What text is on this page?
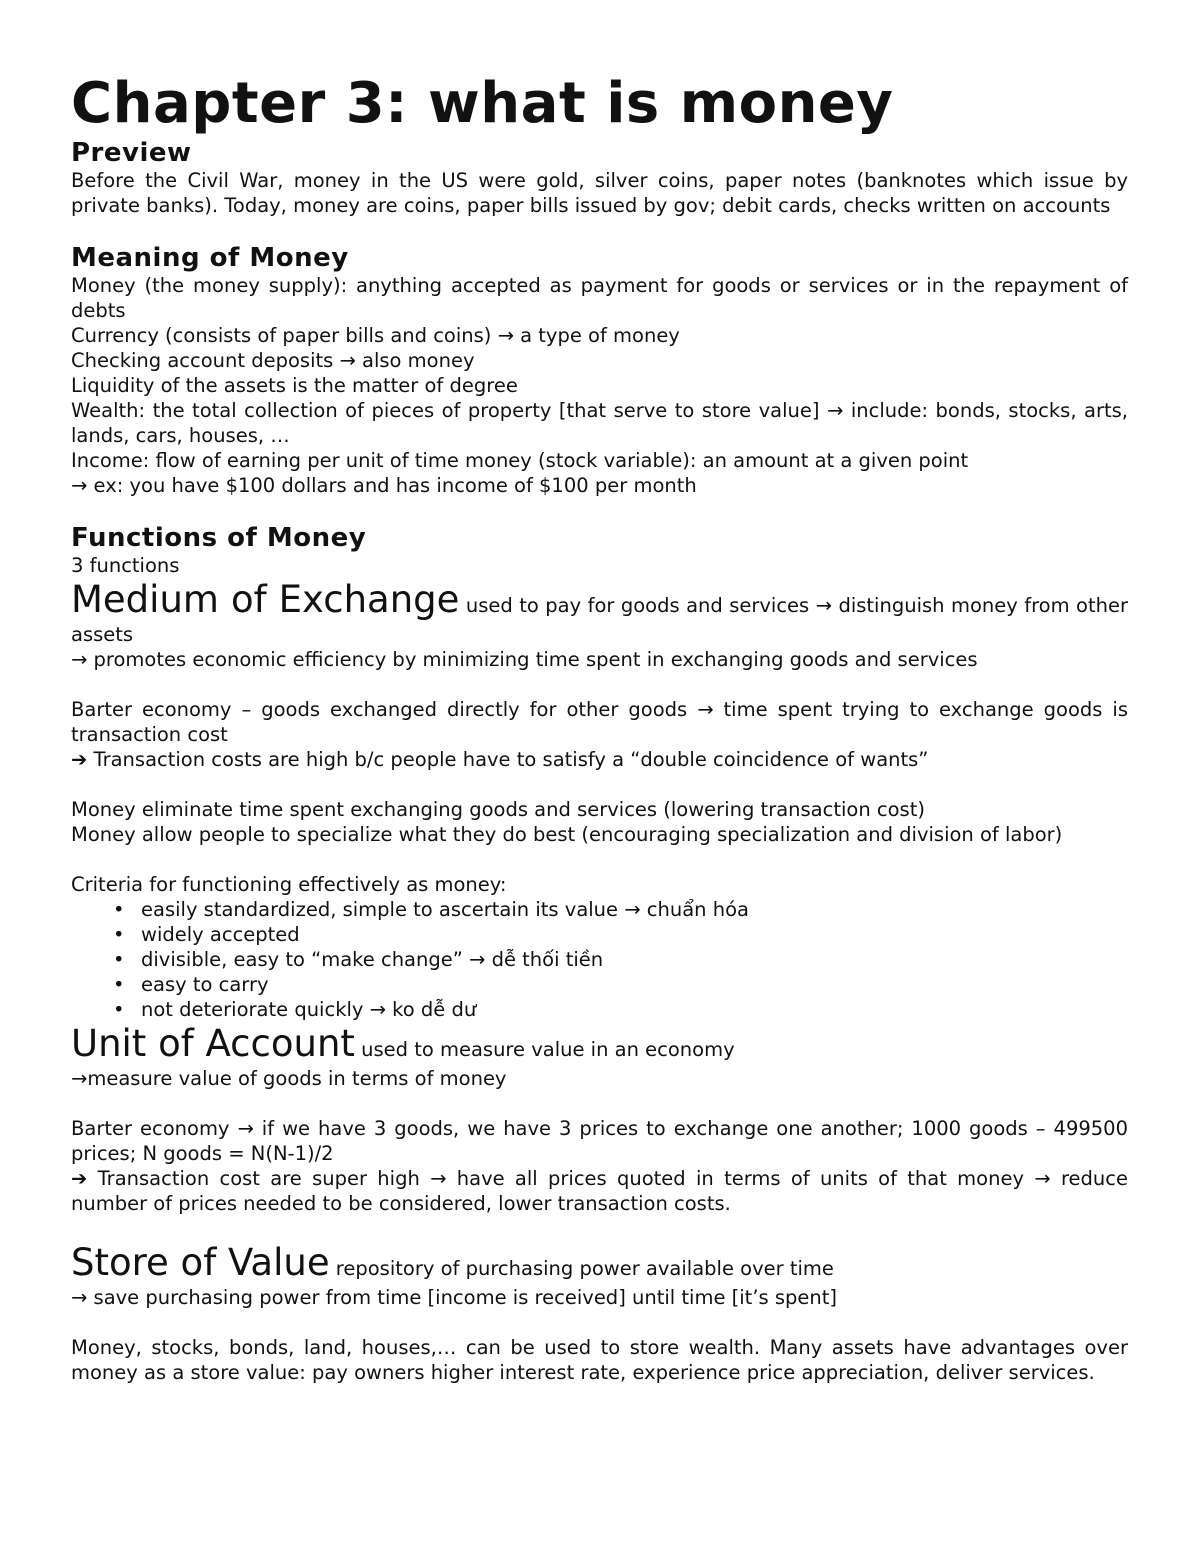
Chapter 3: what is money
Preview

Before the Civil War, money in the US were gold, silver coins, paper notes (banknotes which issue by private banks). Today, money are coins, paper bills issued by gov; debit cards, checks written on accounts

Meaning of Money

Money (the money supply): anything accepted as payment for goods or services or in the repayment of debts

Currency (consists of paper bills and coins) → a type of money

Checking account deposits → also money

Liquidity of the assets is the matter of degree

Wealth: the total collection of pieces of property [that serve to store value] → include: bonds, stocks, arts, lands, cars, houses, …

Income: flow of earning per unit of time money (stock variable): an amount at a given point

→ ex: you have $100 dollars and has income of $100 per month

Functions of Money

3 functions

Medium of Exchange used to pay for goods and services → distinguish money from other assets

→ promotes economic efficiency by minimizing time spent in exchanging goods and services

Barter economy – goods exchanged directly for other goods → time spent trying to exchange goods is transaction cost

➔ Transaction costs are high b/c people have to satisfy a “double coincidence of wants”

Money eliminate time spent exchanging goods and services (lowering transaction cost)

Money allow people to specialize what they do best (encouraging specialization and division of labor)

Criteria for functioning effectively as money:

• easily standardized, simple to ascertain its value → chuẩn hóa
• widely accepted
• divisible, easy to “make change” → dễ thối tiền
• easy to carry
• not deteriorate quickly → ko dễ dư

Unit of Account used to measure value in an economy

→measure value of goods in terms of money

Barter economy → if we have 3 goods, we have 3 prices to exchange one another; 1000 goods – 499500 prices; N goods = N(N-1)/2

➔ Transaction cost are super high → have all prices quoted in terms of units of that money → reduce number of prices needed to be considered, lower transaction costs.

Store of Value repository of purchasing power available over time

→ save purchasing power from time [income is received] until time [it’s spent]

Money, stocks, bonds, land, houses,… can be used to store wealth. Many assets have advantages over money as a store value: pay owners higher interest rate, experience price appreciation, deliver services.
